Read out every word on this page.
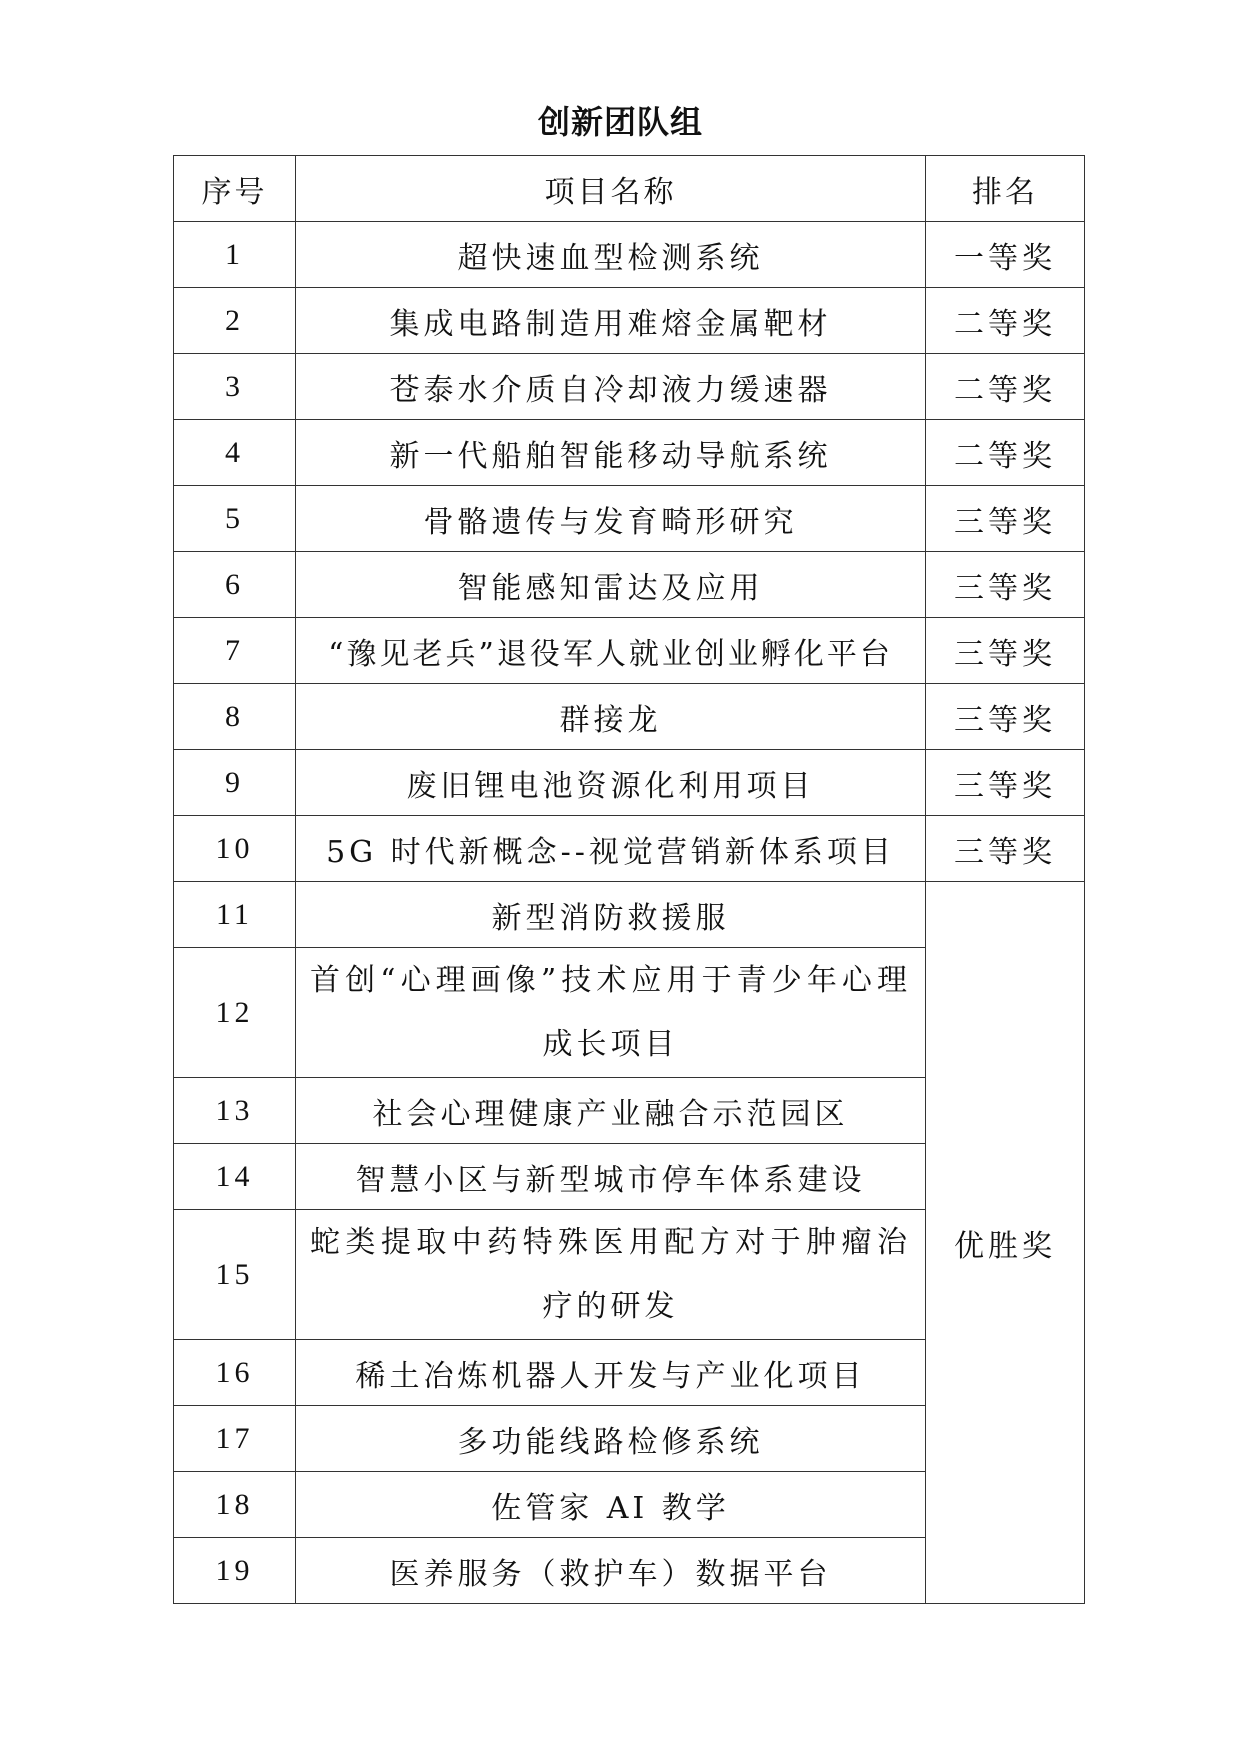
创新团队组
序号	项目名称	排名
1	超快速血型检测系统	一等奖
2	集成电路制造用难熔金属靶材	二等奖
3	苍泰水介质自冷却液力缓速器	二等奖
4	新一代船舶智能移动导航系统	二等奖
5	骨骼遗传与发育畸形研究	三等奖
6	智能感知雷达及应用	三等奖
7	“豫见老兵”退役军人就业创业孵化平台	三等奖
8	群接龙	三等奖
9	废旧锂电池资源化利用项目	三等奖
10	5G 时代新概念--视觉营销新体系项目	三等奖
11	新型消防救援服	优胜奖
12	首创“心理画像”技术应用于青少年心理成长项目	
13	社会心理健康产业融合示范园区	
14	智慧小区与新型城市停车体系建设	
15	蛇类提取中药特殊医用配方对于肿瘤治疗的研发	
16	稀土冶炼机器人开发与产业化项目	
17	多功能线路检修系统	
18	佐管家 AI 教学	
19	医养服务（救护车）数据平台	
